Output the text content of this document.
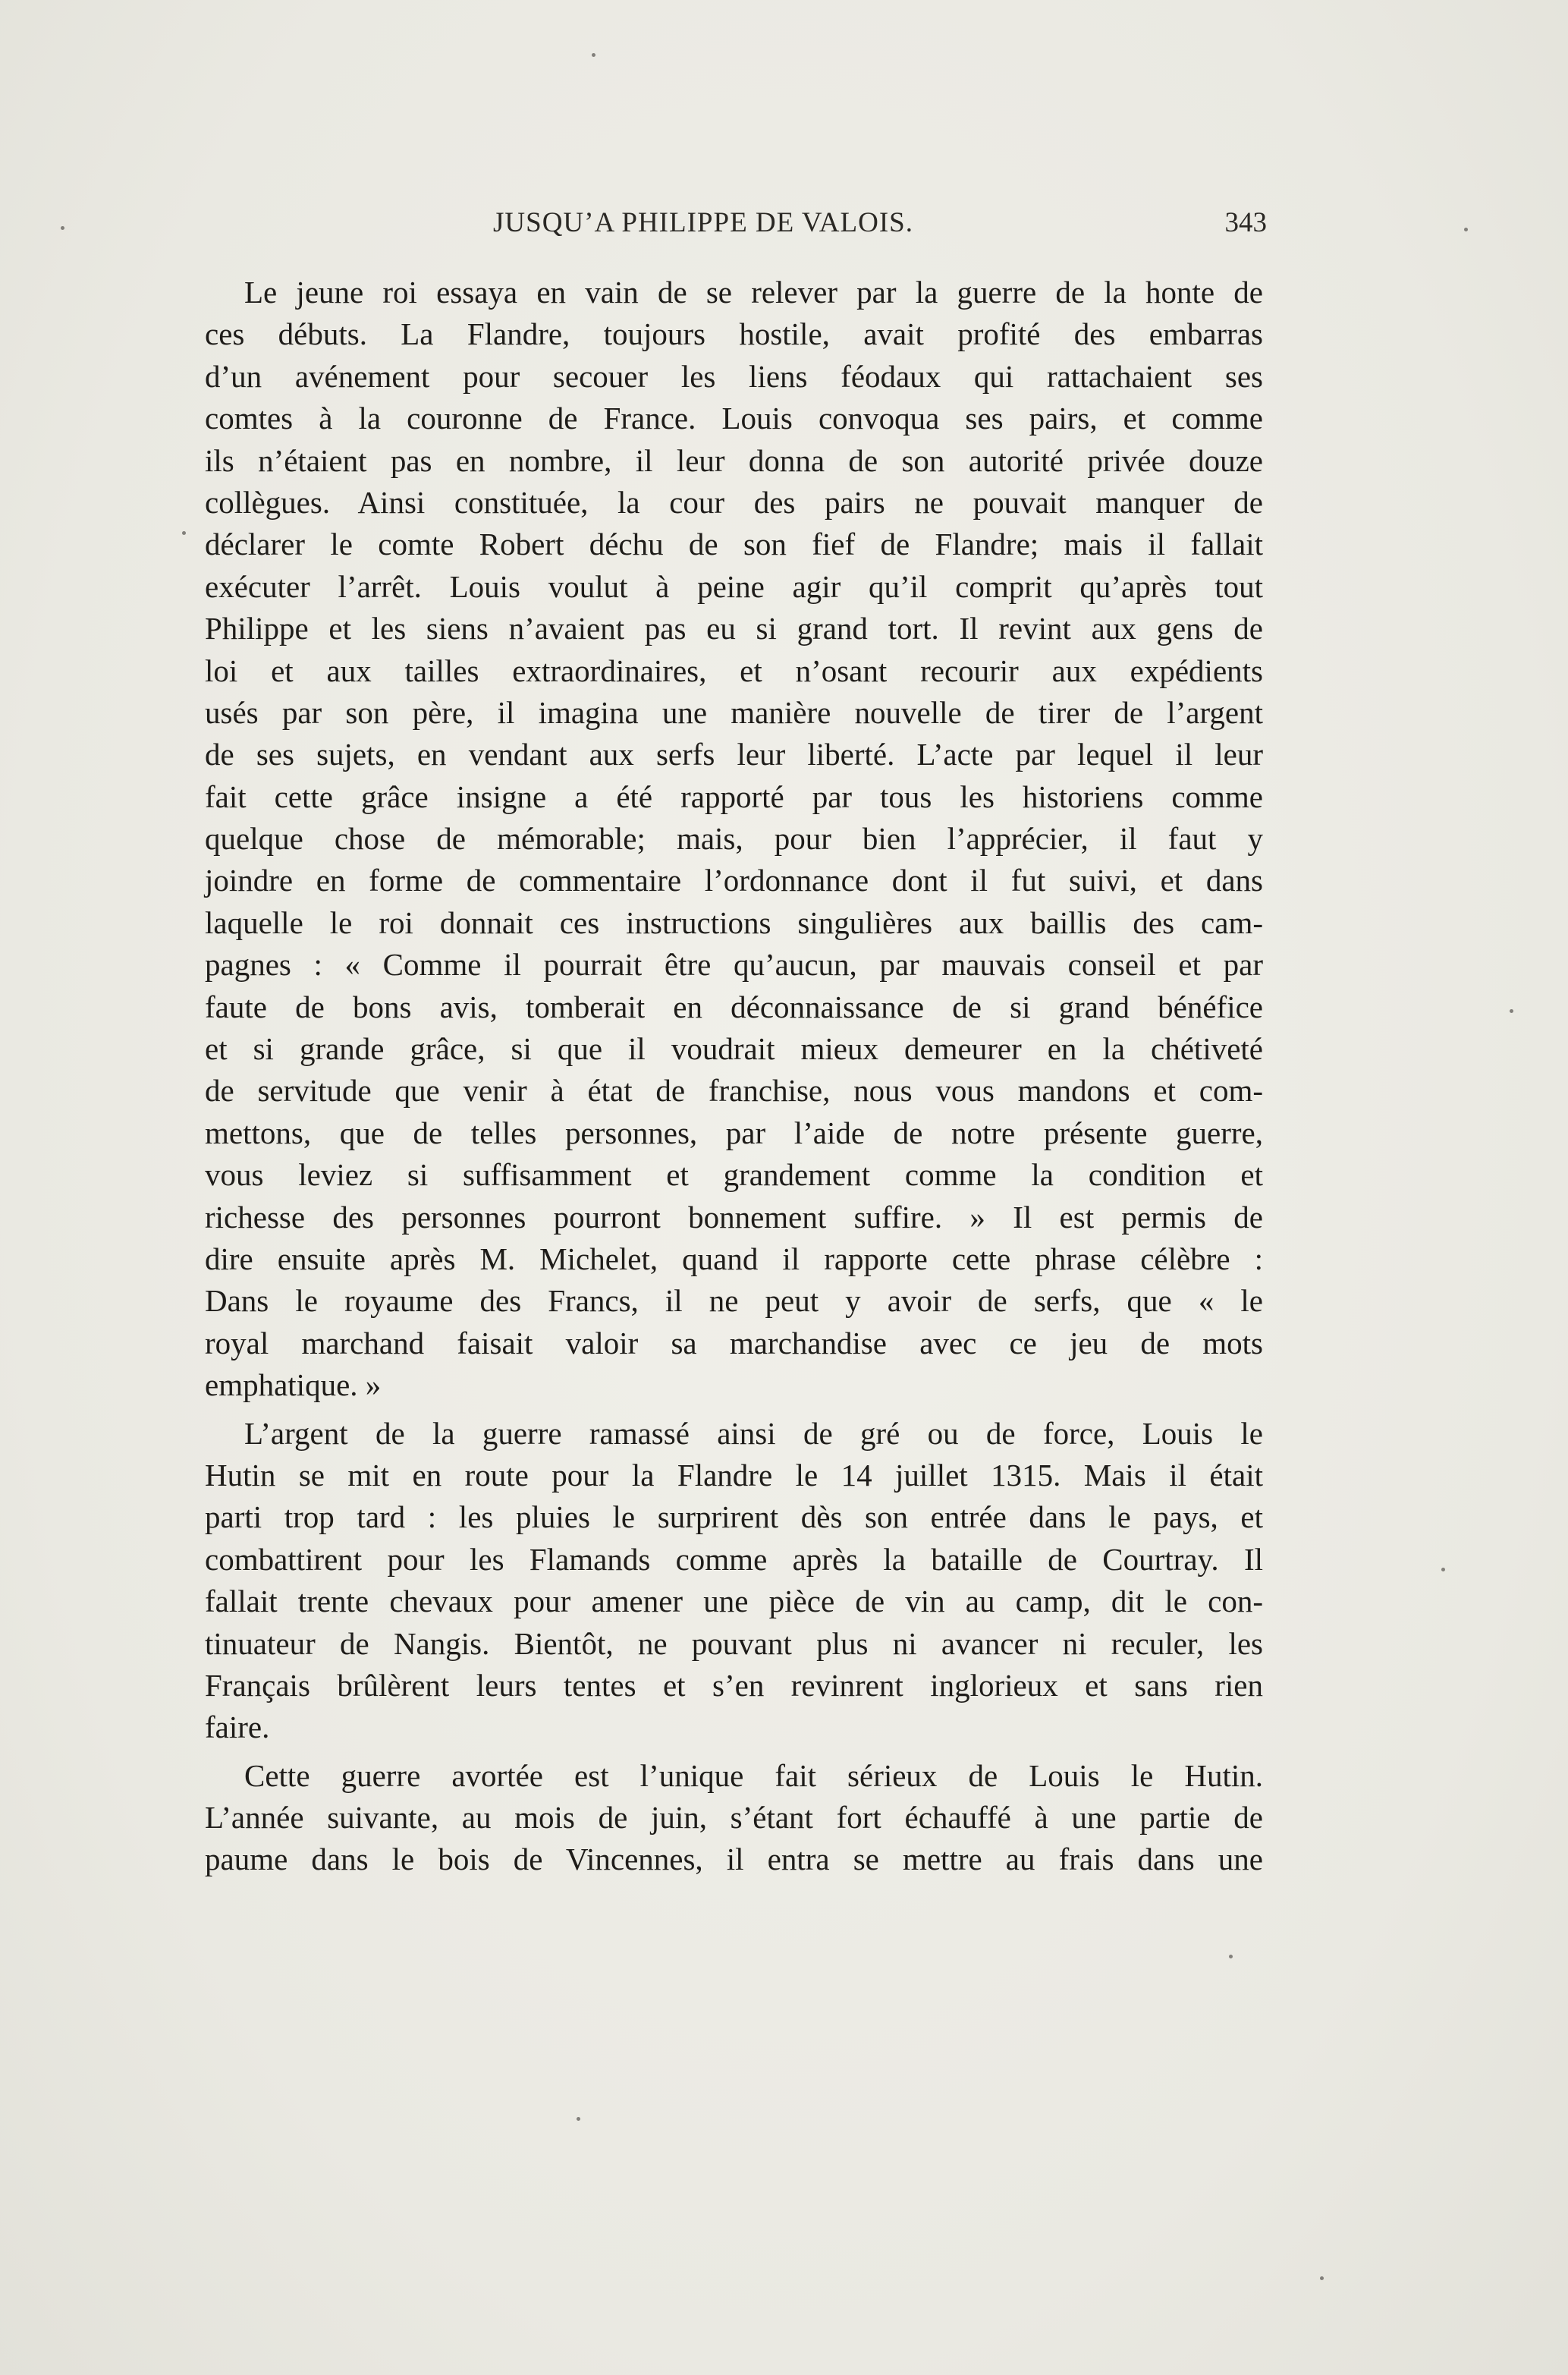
JUSQU’A PHILIPPE DE VALOIS.	343
Le jeune roi essaya en vain de se relever par la guerre de la honte de
ces débuts. La Flandre, toujours hostile, avait profité des embarras
d’un avénement pour secouer les liens féodaux qui rattachaient ses
comtes à la couronne de France. Louis convoqua ses pairs, et comme
ils n’étaient pas en nombre, il leur donna de son autorité privée douze
collègues. Ainsi constituée, la cour des pairs ne pouvait manquer de
déclarer le comte Robert déchu de son fief de Flandre; mais il fallait
exécuter l’arrêt. Louis voulut à peine agir qu’il comprit qu’après tout
Philippe et les siens n’avaient pas eu si grand tort. Il revint aux gens de
loi et aux tailles extraordinaires, et n’osant recourir aux expédients
usés par son père, il imagina une manière nouvelle de tirer de l’argent
de ses sujets, en vendant aux serfs leur liberté. L’acte par lequel il leur
fait cette grâce insigne a été rapporté par tous les historiens comme
quelque chose de mémorable; mais, pour bien l’apprécier, il faut y
joindre en forme de commentaire l’ordonnance dont il fut suivi, et dans
laquelle le roi donnait ces instructions singulières aux baillis des cam-
pagnes : « Comme il pourrait être qu’aucun, par mauvais conseil et par
faute de bons avis, tomberait en déconnaissance de si grand bénéfice
et si grande grâce, si que il voudrait mieux demeurer en la chétiveté
de servitude que venir à état de franchise, nous vous mandons et com-
mettons, que de telles personnes, par l’aide de notre présente guerre,
vous leviez si suffisamment et grandement comme la condition et
richesse des personnes pourront bonnement suffire. » Il est permis de
dire ensuite après M. Michelet, quand il rapporte cette phrase célèbre :
Dans le royaume des Francs, il ne peut y avoir de serfs, que « le
royal marchand faisait valoir sa marchandise avec ce jeu de mots
emphatique. »
L’argent de la guerre ramassé ainsi de gré ou de force, Louis le
Hutin se mit en route pour la Flandre le 14 juillet 1315. Mais il était
parti trop tard : les pluies le surprirent dès son entrée dans le pays, et
combattirent pour les Flamands comme après la bataille de Courtray. Il
fallait trente chevaux pour amener une pièce de vin au camp, dit le con-
tinuateur de Nangis. Bientôt, ne pouvant plus ni avancer ni reculer, les
Français brûlèrent leurs tentes et s’en revinrent inglorieux et sans rien
faire.
Cette guerre avortée est l’unique fait sérieux de Louis le Hutin.
L’année suivante, au mois de juin, s’étant fort échauffé à une partie de
paume dans le bois de Vincennes, il entra se mettre au frais dans une
